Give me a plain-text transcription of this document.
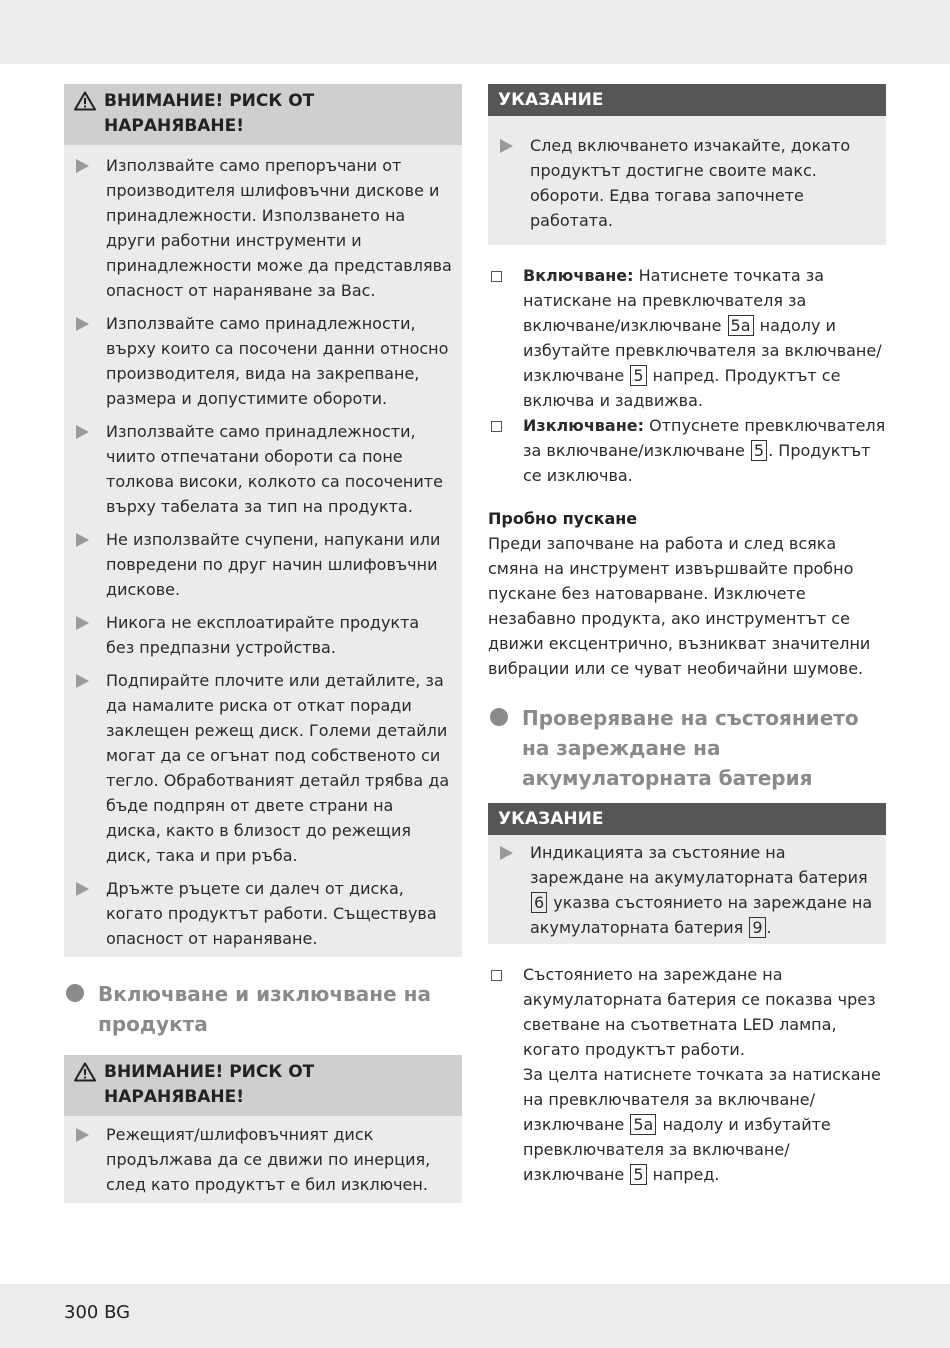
ВНИМАНИЕ! РИСК ОТ НАРАНЯВАНЕ!
Използвайте само препоръчани от производителя шлифовъчни дискове и принадлежности. Използването на други работни инструменти и принадлежности може да представлява опасност от нараняване за Вас.
Използвайте само принадлежности, върху които са посочени данни относно производителя, вида на закрепване, размера и допустимите обороти.
Използвайте само принадлежности, чиито отпечатани обороти са поне толкова високи, колкото са посочените върху табелата за тип на продукта.
Не използвайте счупени, напукани или повредени по друг начин шлифовъчни дискове.
Никога не експлоатирайте продукта без предпазни устройства.
Подпирайте плочите или детайлите, за да намалите риска от откат поради заклещен режещ диск. Големи детайли могат да се огънат под собственото си тегло. Обработваният детайл трябва да бъде подпрян от двете страни на диска, както в близост до режещия диск, така и при ръба.
Дръжте ръцете си далеч от диска, когато продуктът работи. Съществува опасност от нараняване.
Включване и изключване на продукта
ВНИМАНИЕ! РИСК ОТ НАРАНЯВАНЕ!
Режещият/шлифовъчният диск продължава да се движи по инерция, след като продуктът е бил изключен.
УКАЗАНИЕ
След включването изчакайте, докато продуктът достигне своите макс. обороти. Едва тогава започнете работата.
Включване: Натиснете точката за натискане на превключвателя за включване/изключване 5a надолу и избутайте превключвателя за включване/ изключване 5 напред. Продуктът се включва и задвижва.
Изключване: Отпуснете превключвателя за включване/изключване 5 . Продуктът се изключва.
Пробно пускане
Преди започване на работа и след всяка смяна на инструмент извършвайте пробно пускане без натоварване. Изключете незабавно продукта, ако инструментът се движи ексцентрично, възникват значителни вибрации или се чуват необичайни шумове.
Проверяване на състоянието на зареждане на акумулаторната батерия
УКАЗАНИЕ
Индикацията за състояние на зареждане на акумулаторната батерия 6 указва състоянието на зареждане на акумулаторната батерия 9 .
Състоянието на зареждане на акумулаторната батерия се показва чрез светване на съответната LED лампа, когато продуктът работи.
За целта натиснете точката за натискане на превключвателя за включване/ изключване 5a надолу и избутайте превключвателя за включване/ изключване 5 напред.
300 BG
